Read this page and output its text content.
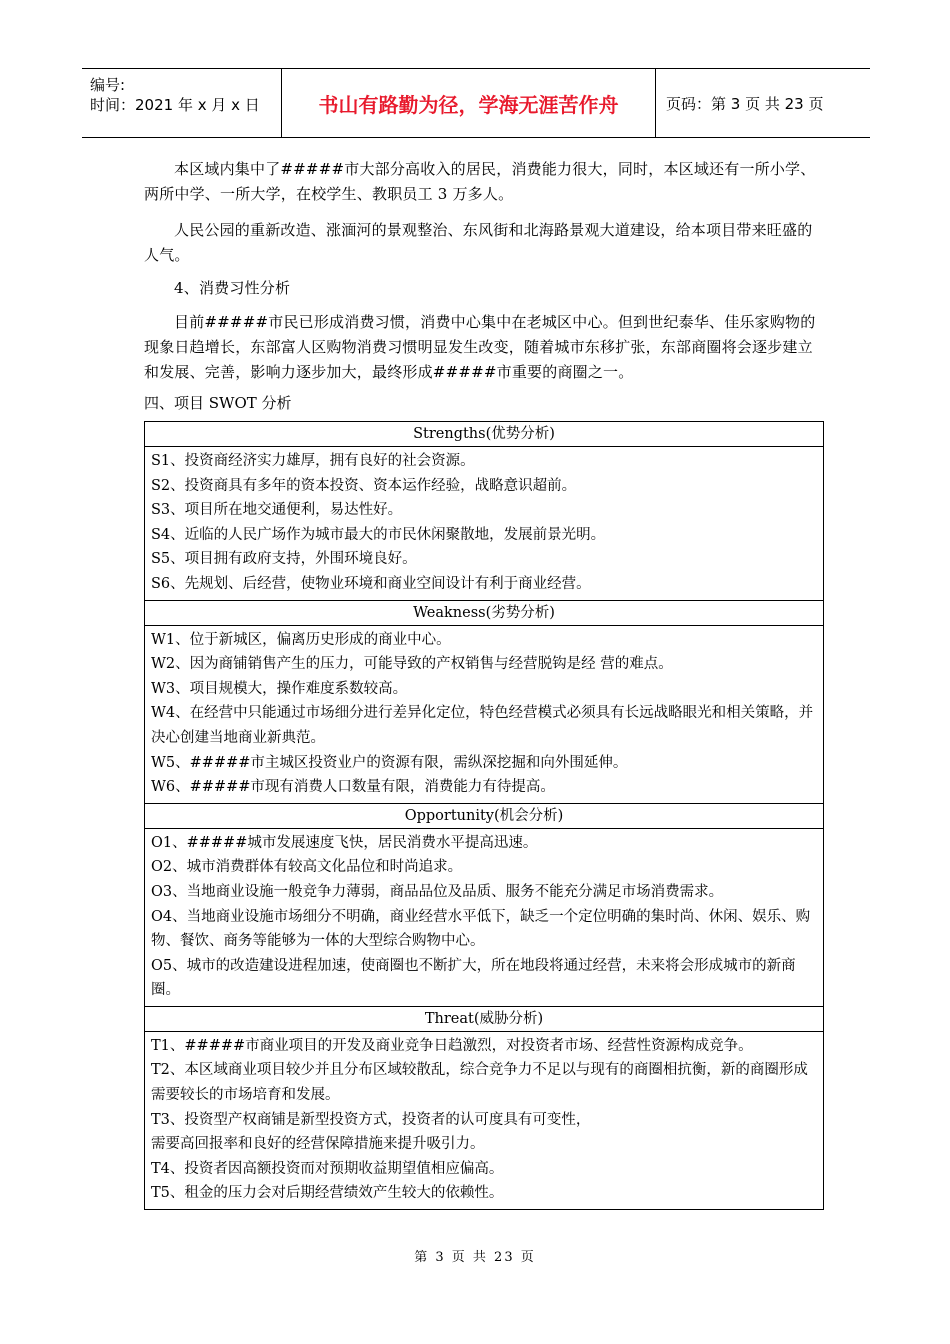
编号:
时间：2021 年 x 月 x 日	书山有路勤为径，学海无涯苦作舟	页码：第 3 页 共 23 页
本区域内集中了#####市大部分高收入的居民，消费能力很大，同时，本区域还有一所小学、两所中学、一所大学，在校学生、教职员工 3 万多人。
人民公园的重新改造、涨湎河的景观整治、东风街和北海路景观大道建设，给本项目带来旺盛的人气。
4、消费习性分析
目前#####市民已形成消费习惯，消费中心集中在老城区中心。但到世纪泰华、佳乐家购物的现象日趋增长，东部富人区购物消费习惯明显发生改变，随着城市东移扩张，东部商圈将会逐步建立和发展、完善，影响力逐步加大，最终形成#####市重要的商圈之一。
四、项目 SWOT 分析
Strengths(优势分析)
S1、投资商经济实力雄厚，拥有良好的社会资源。
S2、投资商具有多年的资本投资、资本运作经验，战略意识超前。
S3、项目所在地交通便利，易达性好。
S4、近临的人民广场作为城市最大的市民休闲聚散地，发展前景光明。
S5、项目拥有政府支持，外围环境良好。
S6、先规划、后经营，使物业环境和商业空间设计有利于商业经营。
Weakness(劣势分析)
W1、位于新城区，偏离历史形成的商业中心。
W2、因为商铺销售产生的压力，可能导致的产权销售与经营脱钩是经 营的难点。
W3、项目规模大，操作难度系数较高。
W4、在经营中只能通过市场细分进行差异化定位，特色经营模式必须具有长远战略眼光和相关策略，并决心创建当地商业新典范。
W5、#####市主城区投资业户的资源有限，需纵深挖掘和向外围延伸。
W6、#####市现有消费人口数量有限，消费能力有待提高。
Opportunity(机会分析)
O1、#####城市发展速度飞快，居民消费水平提高迅速。
O2、城市消费群体有较高文化品位和时尚追求。
O3、当地商业设施一般竞争力薄弱，商品品位及品质、服务不能充分满足市场消费需求。
O4、当地商业设施市场细分不明确，商业经营水平低下，缺乏一个定位明确的集时尚、休闲、娱乐、购物、餐饮、商务等能够为一体的大型综合购物中心。
O5、城市的改造建设进程加速，使商圈也不断扩大，所在地段将通过经营，未来将会形成城市的新商圈。
Threat(威胁分析)
T1、#####市商业项目的开发及商业竞争日趋激烈，对投资者市场、经营性资源构成竞争。
T2、本区域商业项目较少并且分布区域较散乱，综合竞争力不足以与现有的商圈相抗衡，新的商圈形成需要较长的市场培育和发展。
T3、投资型产权商铺是新型投资方式，投资者的认可度具有可变性，
需要高回报率和良好的经营保障措施来提升吸引力。
T4、投资者因高额投资而对预期收益期望值相应偏高。
T5、租金的压力会对后期经营绩效产生较大的依赖性。
第 3 页 共 23 页
